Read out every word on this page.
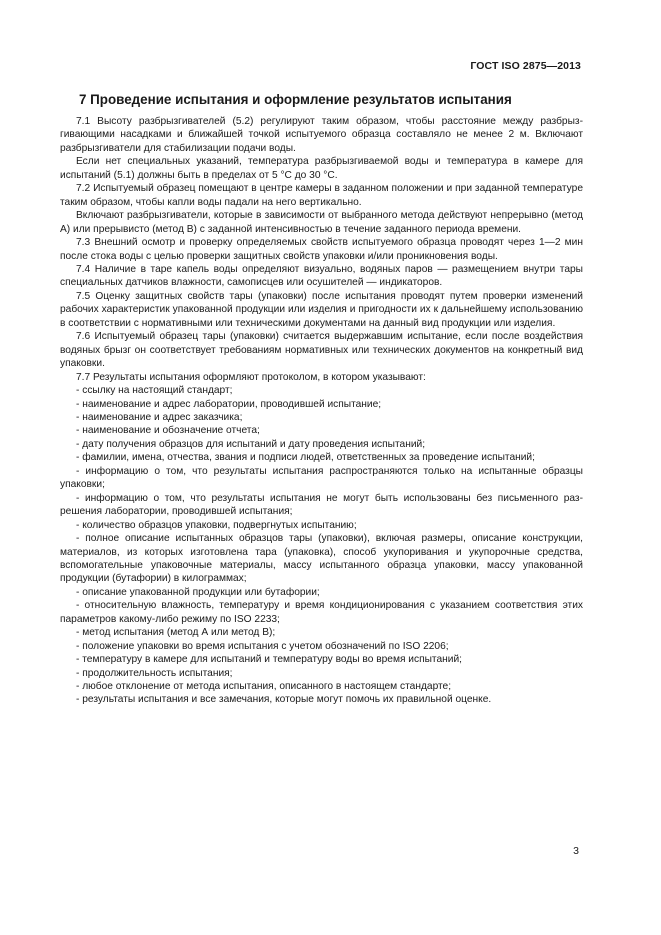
ГОСТ ISO 2875—2013
7 Проведение испытания и оформление результатов испытания

7.1 Высоту разбрызгивателей (5.2) регулируют таким образом, чтобы расстояние между разбрызгивающими насадками и ближайшей точкой испытуемого образца составляло не менее 2 м. Включают разбрызгиватели для стабилизации подачи воды.

Если нет специальных указаний, температура разбрызгиваемой воды и температура в камере для испытаний (5.1) должны быть в пределах от 5 °С до 30 °С.

7.2 Испытуемый образец помещают в центре камеры в заданном положении и при заданной температуре таким образом, чтобы капли воды падали на него вертикально.

Включают разбрызгиватели, которые в зависимости от выбранного метода действуют непрерывно (метод А) или прерывисто (метод В) с заданной интенсивностью в течение заданного периода времени.

7.3 Внешний осмотр и проверку определяемых свойств испытуемого образца проводят через 1—2 мин после стока воды с целью проверки защитных свойств упаковки и/или проникновения воды.

7.4 Наличие в таре капель воды определяют визуально, водяных паров — размещением внутри тары специальных датчиков влажности, самописцев или осушителей — индикаторов.

7.5 Оценку защитных свойств тары (упаковки) после испытания проводят путем проверки изменений рабочих характеристик упакованной продукции или изделия и пригодности их к дальнейшему использованию в соответствии с нормативными или техническими документами на данный вид продукции или изделия.

7.6 Испытуемый образец тары (упаковки) считается выдержавшим испытание, если после воздействия водяных брызг он соответствует требованиям нормативных или технических документов на конкретный вид упаковки.

7.7 Результаты испытания оформляют протоколом, в котором указывают:

- ссылку на настоящий стандарт;

- наименование и адрес лаборатории, проводившей испытание;

- наименование и адрес заказчика;

- наименование и обозначение отчета;

- дату получения образцов для испытаний и дату проведения испытаний;

- фамилии, имена, отчества, звания и подписи людей, ответственных за проведение испытаний;

- информацию о том, что результаты испытания распространяются только на испытанные образцы упаковки;

- информацию о том, что результаты испытания не могут быть использованы без письменного разрешения лаборатории, проводившей испытания;

- количество образцов упаковки, подвергнутых испытанию;

- полное описание испытанных образцов тары (упаковки), включая размеры, описание конструкции, материалов, из которых изготовлена тара (упаковка), способ укупоривания и укупорочные средства, вспомогательные упаковочные материалы, массу испытанного образца упаковки, массу упакованной продукции (бутафории) в килограммах;

- описание упакованной продукции или бутафории;

- относительную влажность, температуру и время кондиционирования с указанием соответствия этих параметров какому-либо режиму по ISO 2233;

- метод испытания (метод А или метод В);

- положение упаковки во время испытания с учетом обозначений по ISO 2206;

- температуру в камере для испытаний и температуру воды во время испытаний;

- продолжительность испытания;

- любое отклонение от метода испытания, описанного в настоящем стандарте;

- результаты испытания и все замечания, которые могут помочь их правильной оценке.

3
